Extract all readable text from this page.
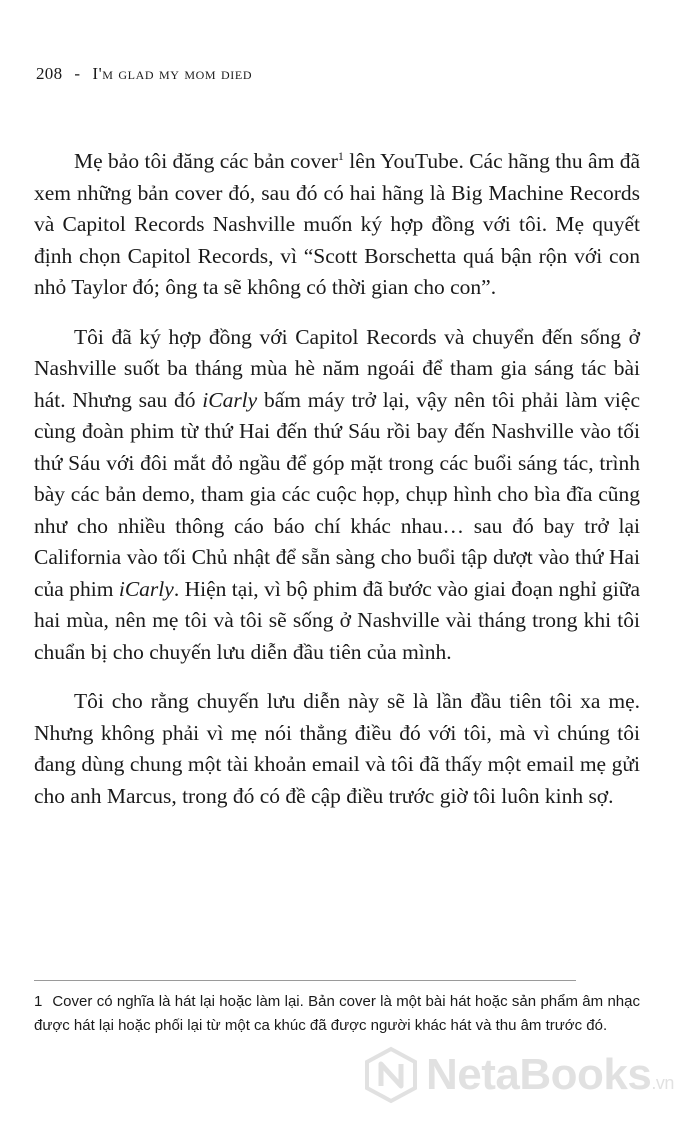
208 - I'm glad my mom died

Mẹ bảo tôi đăng các bản cover$^1$ lên YouTube. Các hãng thu âm đã xem những bản cover đó, sau đó có hai hãng là Big Machine Records và Capitol Records Nashville muốn ký hợp đồng với tôi. Mẹ quyết định chọn Capitol Records, vì “Scott Borschetta quá bận rộn với con nhỏ Taylor đó; ông ta sẽ không có thời gian cho con”.

Tôi đã ký hợp đồng với Capitol Records và chuyển đến sống ở Nashville suốt ba tháng mùa hè năm ngoái để tham gia sáng tác bài hát. Nhưng sau đó iCarly bấm máy trở lại, vậy nên tôi phải làm việc cùng đoàn phim từ thứ Hai đến thứ Sáu rồi bay đến Nashville vào tối thứ Sáu với đôi mắt đỏ ngầu để góp mặt trong các buổi sáng tác, trình bày các bản demo, tham gia các cuộc họp, chụp hình cho bìa đĩa cũng như cho nhiều thông cáo báo chí khác nhau… sau đó bay trở lại California vào tối Chủ nhật để sẵn sàng cho buổi tập dượt vào thứ Hai của phim iCarly. Hiện tại, vì bộ phim đã bước vào giai đoạn nghỉ giữa hai mùa, nên mẹ tôi và tôi sẽ sống ở Nashville vài tháng trong khi tôi chuẩn bị cho chuyến lưu diễn đầu tiên của mình.

Tôi cho rằng chuyến lưu diễn này sẽ là lần đầu tiên tôi xa mẹ. Nhưng không phải vì mẹ nói thẳng điều đó với tôi, mà vì chúng tôi đang dùng chung một tài khoản email và tôi đã thấy một email mẹ gửi cho anh Marcus, trong đó có đề cập điều trước giờ tôi luôn kinh sợ.

1 Cover có nghĩa là hát lại hoặc làm lại. Bản cover là một bài hát hoặc sản phẩm âm nhạc được hát lại hoặc phối lại từ một ca khúc đã được người khác hát và thu âm trước đó.
NetaBooks.vn
